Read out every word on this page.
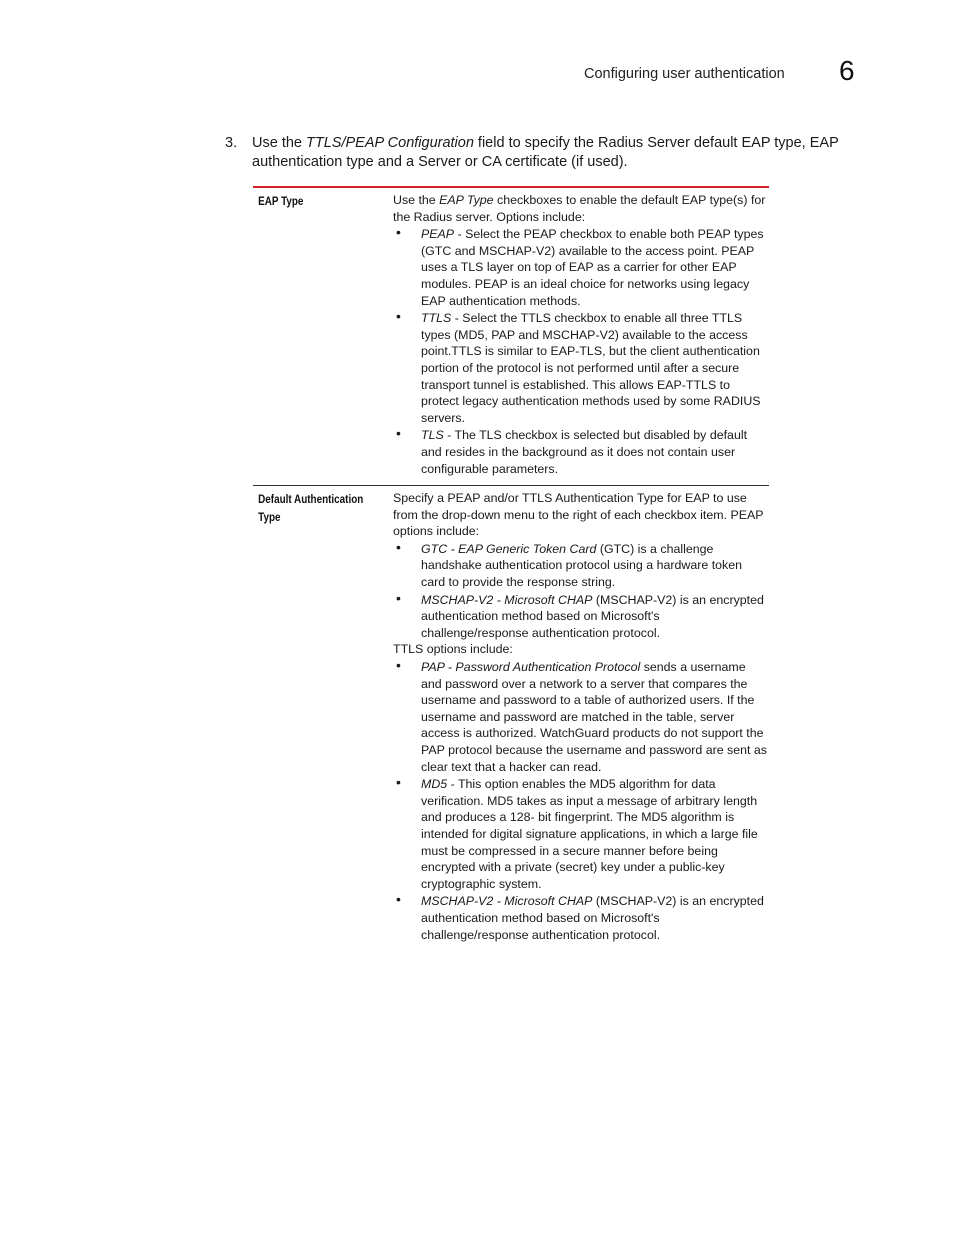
Configuring user authentication 6
3. Use the TTLS/PEAP Configuration field to specify the Radius Server default EAP type, EAP authentication type and a Server or CA certificate (if used).
EAP Type	Use the EAP Type checkboxes to enable the default EAP type(s) for the Radius server. Options include:

• PEAP - Select the PEAP checkbox to enable both PEAP types (GTC and MSCHAP-V2) available to the access point. PEAP uses a TLS layer on top of EAP as a carrier for other EAP modules. PEAP is an ideal choice for networks using legacy EAP authentication methods.
• TTLS - Select the TTLS checkbox to enable all three TTLS types (MD5, PAP and MSCHAP-V2) available to the access point.TTLS is similar to EAP-TLS, but the client authentication portion of the protocol is not performed until after a secure transport tunnel is established. This allows EAP-TTLS to protect legacy authentication methods used by some RADIUS servers.
• TLS - The TLS checkbox is selected but disabled by default and resides in the background as it does not contain user configurable parameters.
Default Authentication Type

Specify a PEAP and/or TTLS Authentication Type for EAP to use from the drop-down menu to the right of each checkbox item. PEAP options include:

• GTC - EAP Generic Token Card (GTC) is a challenge handshake authentication protocol using a hardware token card to provide the response string.
• MSCHAP-V2 - Microsoft CHAP (MSCHAP-V2) is an encrypted authentication method based on Microsoft's challenge/response authentication protocol.

TTLS options include:

• PAP - Password Authentication Protocol sends a username and password over a network to a server that compares the username and password to a table of authorized users. If the username and password are matched in the table, server access is authorized. WatchGuard products do not support the PAP protocol because the username and password are sent as clear text that a hacker can read.
• MD5 - This option enables the MD5 algorithm for data verification. MD5 takes as input a message of arbitrary length and produces a 128- bit fingerprint. The MD5 algorithm is intended for digital signature applications, in which a large file must be compressed in a secure manner before being encrypted with a private (secret) key under a public-key cryptographic system.
• MSCHAP-V2 - Microsoft CHAP (MSCHAP-V2) is an encrypted authentication method based on Microsoft's challenge/response authentication protocol.
